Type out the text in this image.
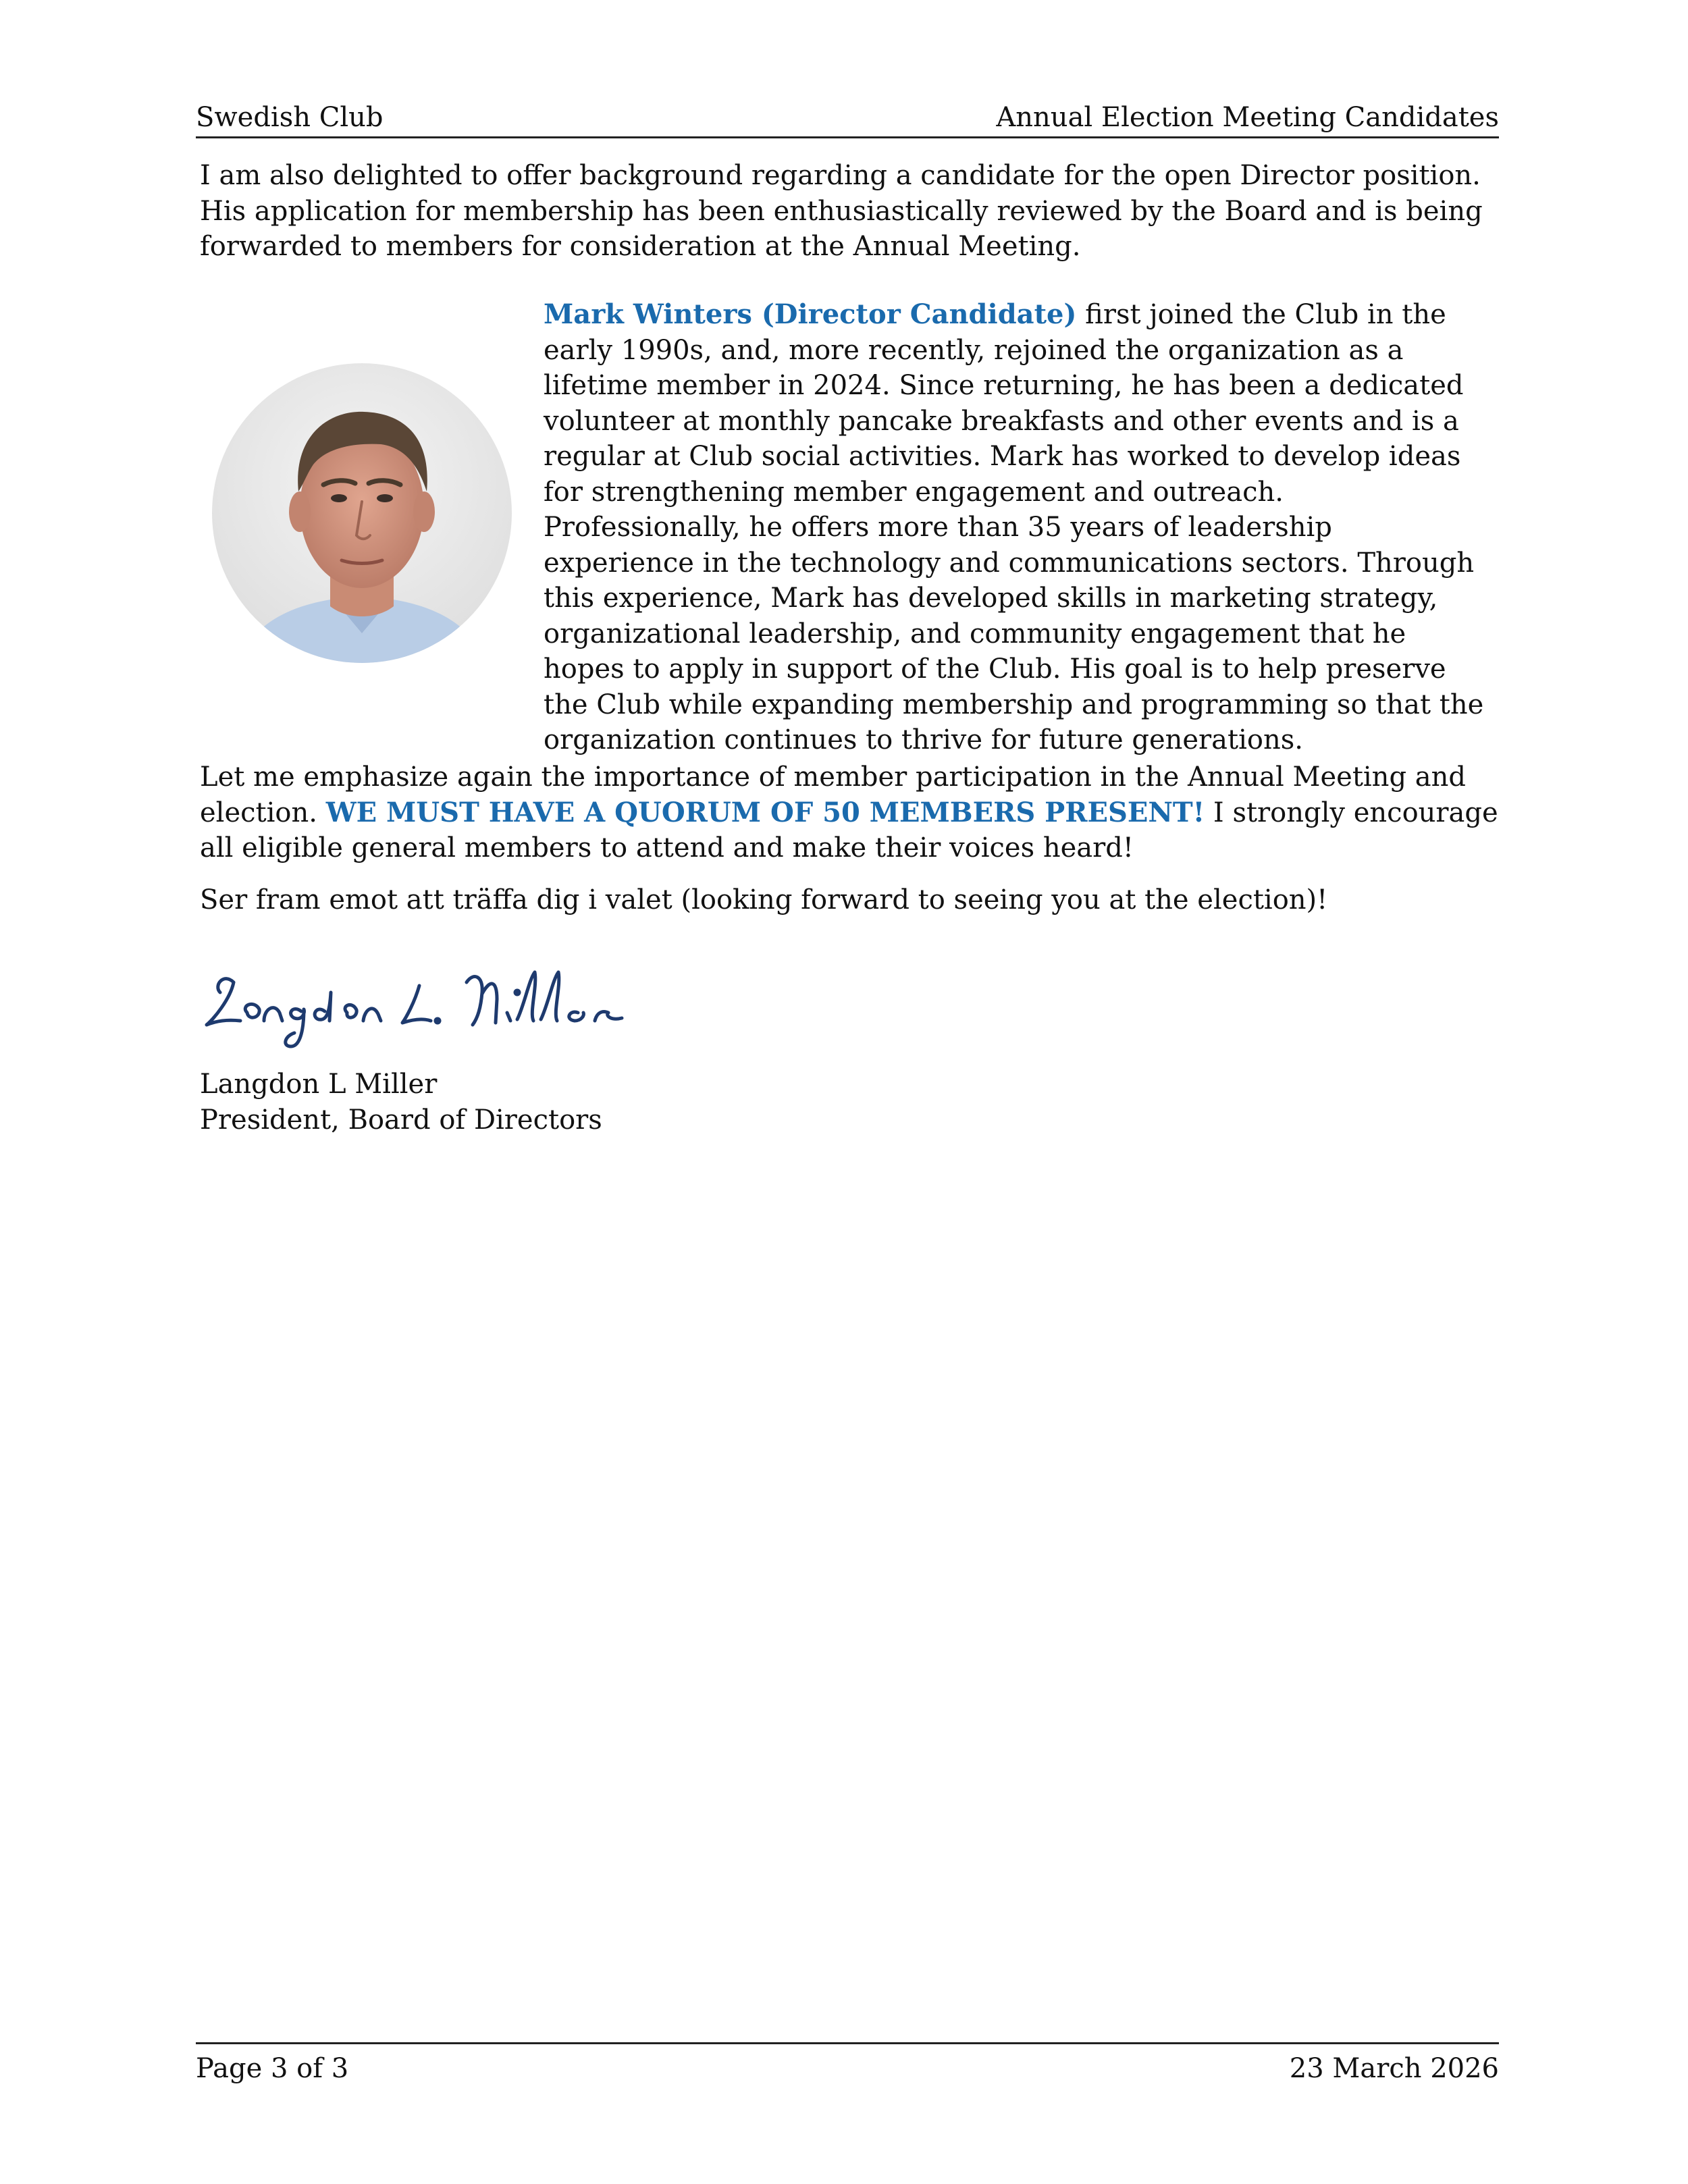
Swedish Club	Annual Election Meeting Candidates

I am also delighted to offer background regarding a candidate for the open Director position. His application for membership has been enthusiastically reviewed by the Board and is being forwarded to members for consideration at the Annual Meeting.

Mark Winters (Director Candidate) first joined the Club in the early 1990s, and, more recently, rejoined the organization as a lifetime member in 2024. Since returning, he has been a dedicated volunteer at monthly pancake breakfasts and other events and is a regular at Club social activities. Mark has worked to develop ideas for strengthening member engagement and outreach. Professionally, he offers more than 35 years of leadership experience in the technology and communications sectors. Through this experience, Mark has developed skills in marketing strategy, organizational leadership, and community engagement that he hopes to apply in support of the Club. His goal is to help preserve the Club while expanding membership and programming so that the organization continues to thrive for future generations.

Let me emphasize again the importance of member participation in the Annual Meeting and election. WE MUST HAVE A QUORUM OF 50 MEMBERS PRESENT! I strongly encourage all eligible general members to attend and make their voices heard!

Ser fram emot att träffa dig i valet (looking forward to seeing you at the election)!

Langdon L Miller
President, Board of Directors
Page 3 of 3	23 March 2026
